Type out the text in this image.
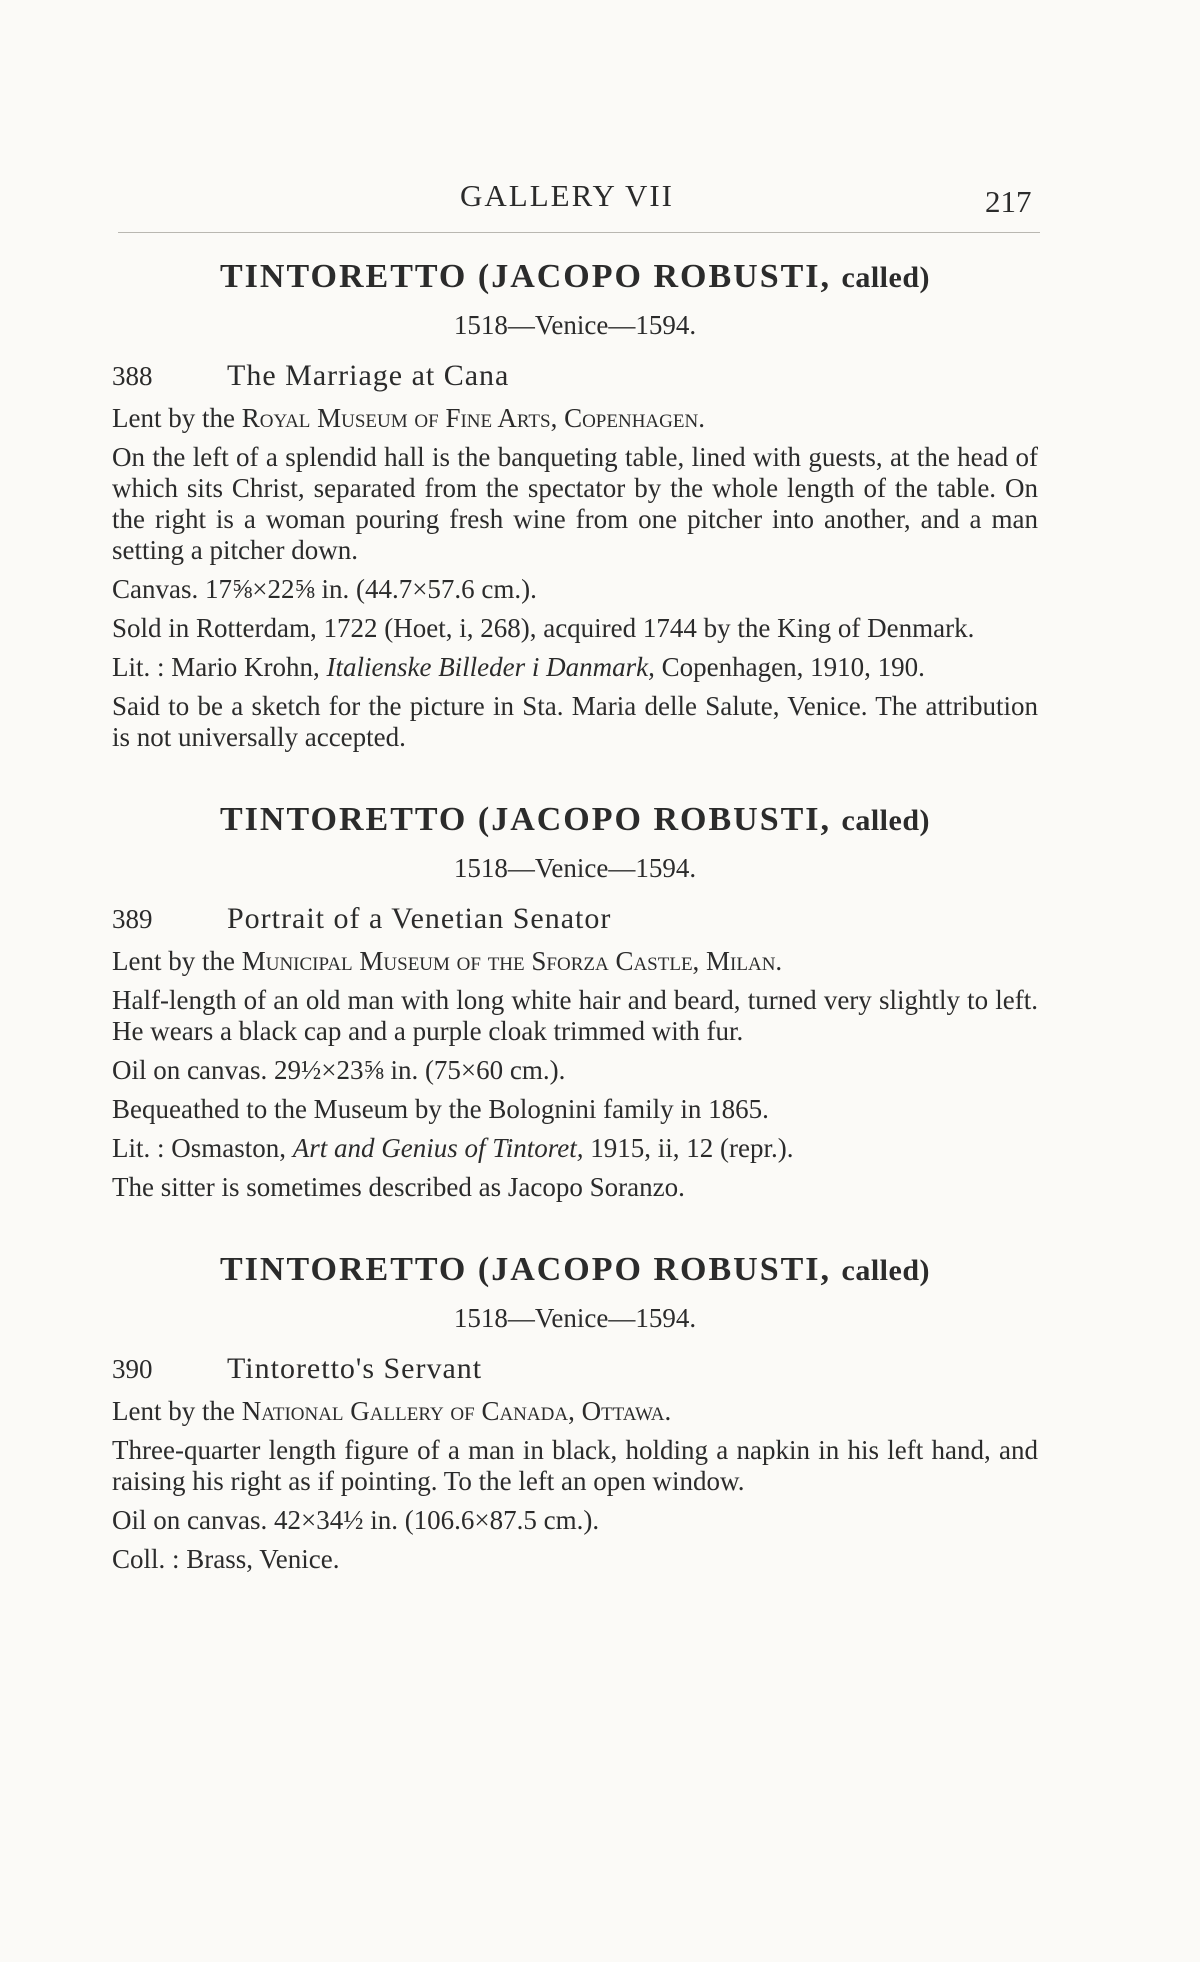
GALLERY VII	217
TINTORETTO (JACOPO ROBUSTI, called)
1518—Venice—1594.
388 The Marriage at Cana

Lent by the Royal Museum of Fine Arts, Copenhagen.

On the left of a splendid hall is the banqueting table, lined with guests, at the head of which sits Christ, separated from the spectator by the whole length of the table. On the right is a woman pouring fresh wine from one pitcher into another, and a man setting a pitcher down.

Canvas. 17⅝×22⅝ in. (44.7×57.6 cm.).

Sold in Rotterdam, 1722 (Hoet, i, 268), acquired 1744 by the King of Denmark.

Lit. : Mario Krohn, Italienske Billeder i Danmark, Copenhagen, 1910, 190.

Said to be a sketch for the picture in Sta. Maria delle Salute, Venice. The attribution is not universally accepted.

TINTORETTO (JACOPO ROBUSTI, called)
1518—Venice—1594.
389 Portrait of a Venetian Senator

Lent by the Municipal Museum of the Sforza Castle, Milan.

Half-length of an old man with long white hair and beard, turned very slightly to left. He wears a black cap and a purple cloak trimmed with fur.

Oil on canvas. 29½×23⅝ in. (75×60 cm.).

Bequeathed to the Museum by the Bolognini family in 1865.

Lit. : Osmaston, Art and Genius of Tintoret, 1915, ii, 12 (repr.).

The sitter is sometimes described as Jacopo Soranzo.

TINTORETTO (JACOPO ROBUSTI, called)
1518—Venice—1594.
390 Tintoretto's Servant

Lent by the National Gallery of Canada, Ottawa.

Three-quarter length figure of a man in black, holding a napkin in his left hand, and raising his right as if pointing. To the left an open window.

Oil on canvas. 42×34½ in. (106.6×87.5 cm.).

Coll. : Brass, Venice.
